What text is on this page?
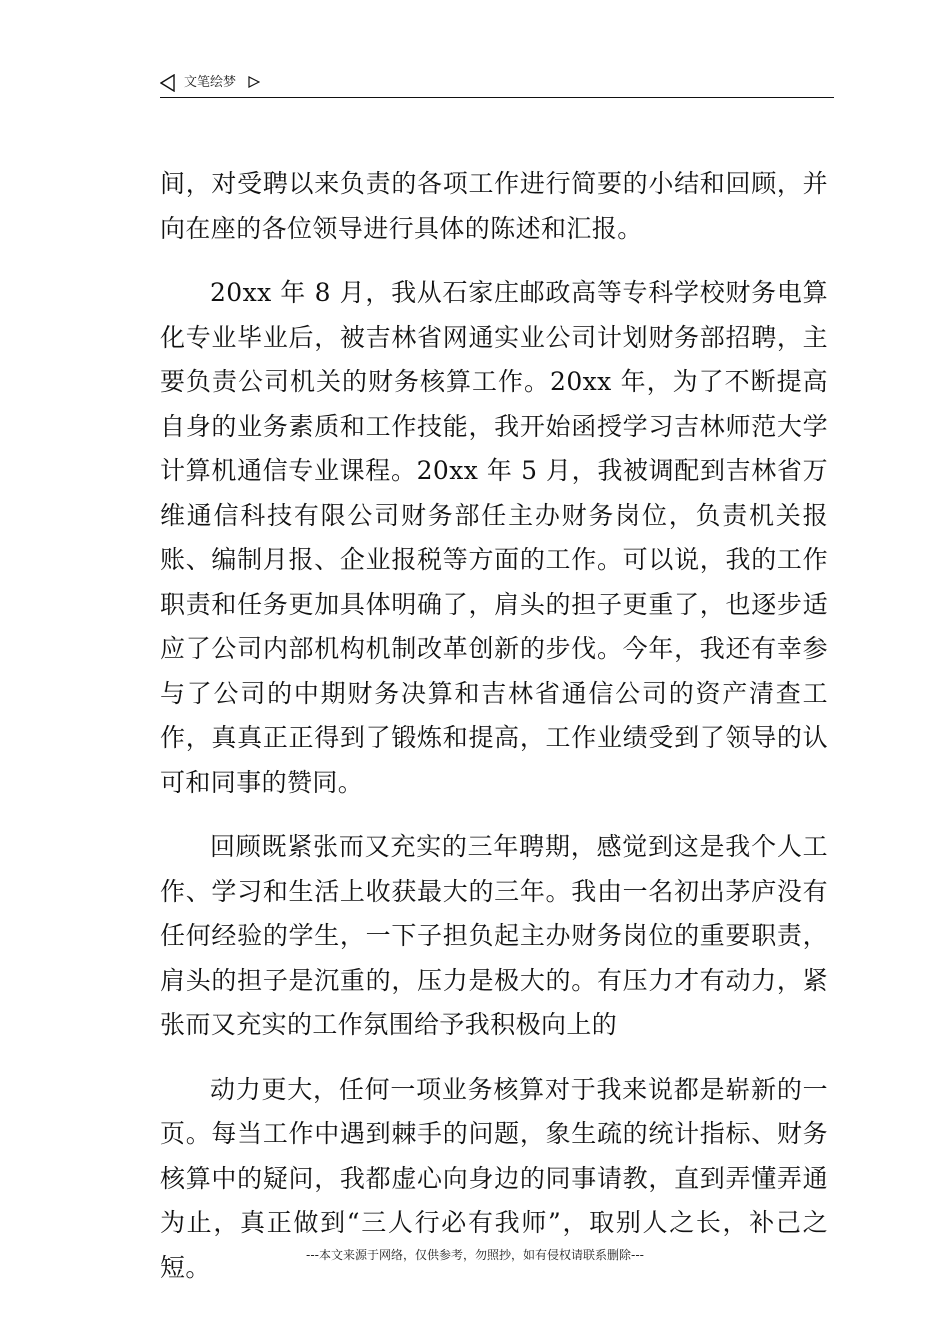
文笔绘梦

间，对受聘以来负责的各项工作进行简要的小结和回顾，并向在座的各位领导进行具体的陈述和汇报。

20xx 年 8 月，我从石家庄邮政高等专科学校财务电算化专业毕业后，被吉林省网通实业公司计划财务部招聘，主要负责公司机关的财务核算工作。20xx 年，为了不断提高自身的业务素质和工作技能，我开始函授学习吉林师范大学计算机通信专业课程。20xx 年 5 月，我被调配到吉林省万维通信科技有限公司财务部任主办财务岗位，负责机关报账、编制月报、企业报税等方面的工作。可以说，我的工作职责和任务更加具体明确了，肩头的担子更重了，也逐步适应了公司内部机构机制改革创新的步伐。今年，我还有幸参与了公司的中期财务决算和吉林省通信公司的资产清查工作，真真正正得到了锻炼和提高，工作业绩受到了领导的认可和同事的赞同。

回顾既紧张而又充实的三年聘期，感觉到这是我个人工作、学习和生活上收获最大的三年。我由一名初出茅庐没有任何经验的学生，一下子担负起主办财务岗位的重要职责，肩头的担子是沉重的，压力是极大的。有压力才有动力，紧张而又充实的工作氛围给予我积极向上的

动力更大，任何一项业务核算对于我来说都是崭新的一页。每当工作中遇到棘手的问题，象生疏的统计指标、财务核算中的疑问，我都虚心向身边的同事请教，直到弄懂弄通为止，真正做到“三人行必有我师”，取别人之长，补己之短。	---本文来源于网络，仅供参考，勿照抄，如有侵权请联系删除---
